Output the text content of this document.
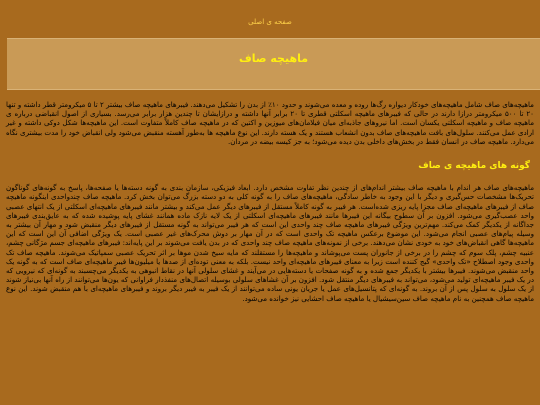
صفحه ی اصلی
ماهیچه صاف

ماهیچه‌های صاف شامل ماهیچه‌های خودکار دیواره رگ‌ها روده و معده می‌شوند و حدود ۱۰٪ از بدن را تشکیل می‌دهند. فیبرهای ماهیچه صاف بیشتر ۲ تا ۵ میکرومتر قطر داشته و تنها ۲۰ تا ۵۰۰ میکرومتر درازا دارند در حالی که فیبرهای ماهیچه اسکلتی قطری تا ۲۰ برابر آنها داشته و درازایشان تا چندین هزار برابر می‌رسد. بسیاری از اصول انقباضی درباره ی ماهیچه صاف و ماهیچه اسکلتی یکسان است. اما نیروهای جاذبه‌ای میان فیلامان‌های میوزین و اکتین که در ماهیچه صاف کاملاً متفاوت است. این ماهیچه‌ها شکل دوکی داشته و غیر ارادی عمل می‌کنند. سلول‌های بافت ماهیچه‌های صاف بدون انشعاب هستند و یک هسته دارند. این نوع ماهیچه ها به‌طور آهسته منقبض می‌شود ولی انقباض خود را مدت بیشتری نگاه می‌دارد. ماهیچه صاف در انسان فقط در بخش‌های داخلی بدن دیده می‌شود؛ به جز کیسه بیضه در مردان.

گونه های ماهیچه ی صاف

ماهیچه‌های صاف هر اندام با ماهیچه صاف بیشتر اندام‌های از چندین نظر تفاوت مشخص دارد. ابعاد فیزیکی، سازمان بندی به گونه دسته‌ها یا صفحه‌ها، پاسخ به گونه‌های گوناگون تحریک‌ها مشخصات حس‌گیری و دیگر با این وجود به خاطر سادگی، ماهیچه‌های صاف را به گونه کلی به دو دسته بزرگ می‌توان بخش کرد. ماهیچه صاف چندواحدی اینگونه ماهیچه صاف از فیبرهای ماهیچه‌ای صاف مجزا پایه ریزی شده‌است. هر فیبر به گونه کاملاً مستقل از فیبرهای دیگر عمل می‌کند و بیشتر مانند فیبرهای ماهیچه‌ای اسکلتی از یک انتهای عصبی واحد عصب‌گیری می‌شود. افزون بر آن سطوح بیگانه این فیبرها مانند فیبرهای ماهیچه‌ای اسکلتی از یک لایه نازک ماده همانند غشای پایه پوشیده شده که به عایق‌بندی فیبرهای جداگانه از یکدیگر کمک می‌کند. مهم‌ترین ویژگی فیبرهای ماهیچه صاف چند واحدی این است که هر فیبر می‌تواند به گونه مستقل از فیبرهای دیگر منقبض شود و مهار آن بیشتر به وسیله پیام‌های عصبی انجام می‌شود. این موضوع برعکس ماهیچه تک واحدی است که در آن مهار بر دوش محرک‌های غیر عصبی است. یک ویژگی اضافی آن این است که این ماهیچه‌ها گاهی انقباض‌های خود به خودی نشان می‌دهند. برخی از نمونه‌های ماهیچه صاف چند واحدی که در بدن یافت می‌شوند بر این پایه‌اند: فیبرهای ماهیچه‌ای جسم مژگانی چشم، عنبیه چشم، پلک سوم که چشم را در برخی از جانوران پست می‌پوشاند و ماهیچه‌ها را مستقلند که مایه سیخ شدن موها بر اثر تحریک عصبی سمپاتیک می‌شوند. ماهیچه صاف تک واحدی وجود اصطلاح «تک واحدی» گیج کننده است زیرا به معنای فیبرهای ماهیچه‌ای واحد نیست. بلکه به معنی توده‌ای از صدها یا میلیون‌ها فیبر ماهیچه‌ای صاف است که به گونه یک واحد منقبض می‌شوند. فیبرها بیشتر با یکدیگر جمع شده و به گونه صفحات یا دسته‌هایی در می‌آیند و غشای سلولی آنها در نقاط انبوهی به یکدیگر می‌چسبند به گونه‌ای که نیرویی که در یک فیبر ماهیچه‌ای تولید می‌شود، می‌تواند به فیبرهای دیگر منتقل شود. افزون بر آن غشاهای سلولی بوسیله اتصال‌های منفذدار فراوانی که یون‌ها می‌توانند از راه آنها بی‌نیاز شوند از یک سلول به سلول پس از آن بروند. به گونه‌ای که پتانسیل‌های عمل یا جریان یونی ساده می‌توانند از یک فیبر به فیبر دیگر بروند و فیبرهای ماهیچه‌ای با هم منقبض شوند. این نوع ماهیچه صاف همچنین به نام ماهیچه صاف سین‌سیشیال یا ماهیچه صاف احشایی نیز خوانده می‌شود.
